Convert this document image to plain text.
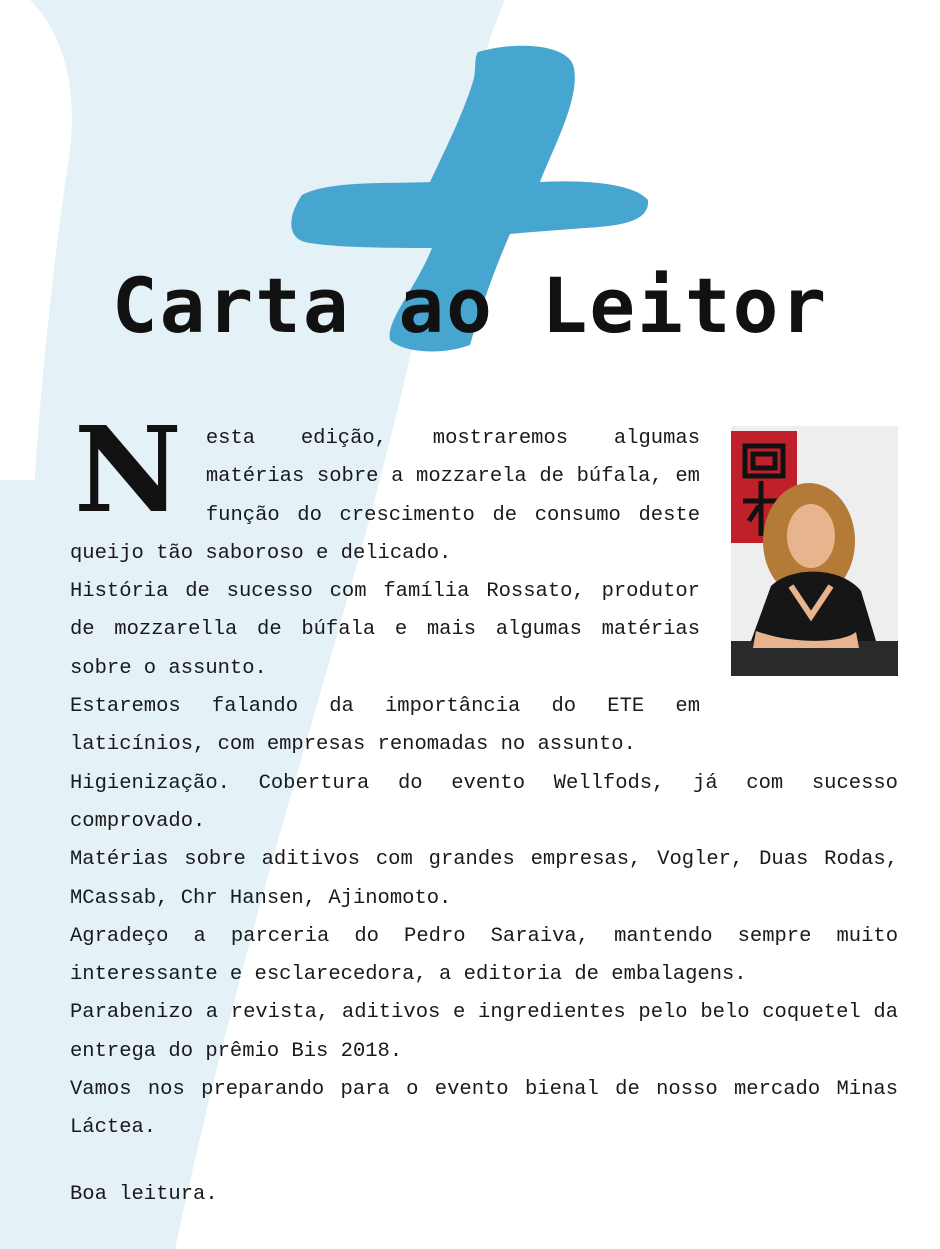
Carta ao Leitor
N	esta edição, mostraremos algumas matérias sobre a mozzarela de búfala, em função do crescimento de consumo deste queijo tão saboroso e delicado.

História de sucesso com família Rossato, produtor de mozzarella de búfala e mais algumas matérias sobre o assunto.

Estaremos falando da importância do ETE em laticínios, com empresas renomadas no assunto.

Higienização. Cobertura do evento Wellfods, já com sucesso comprovado.

Matérias sobre aditivos com grandes empresas, Vogler, Duas Rodas, MCassab, Chr Hansen, Ajinomoto.

Agradeço a parceria do Pedro Saraiva, mantendo sempre muito interessante e esclarecedora, a editoria de embalagens.

Parabenizo a revista, aditivos e ingredientes pelo belo coquetel da entrega do prêmio Bis 2018.

Vamos nos preparando para o evento bienal de nosso mercado Minas Láctea.

Boa leitura.
